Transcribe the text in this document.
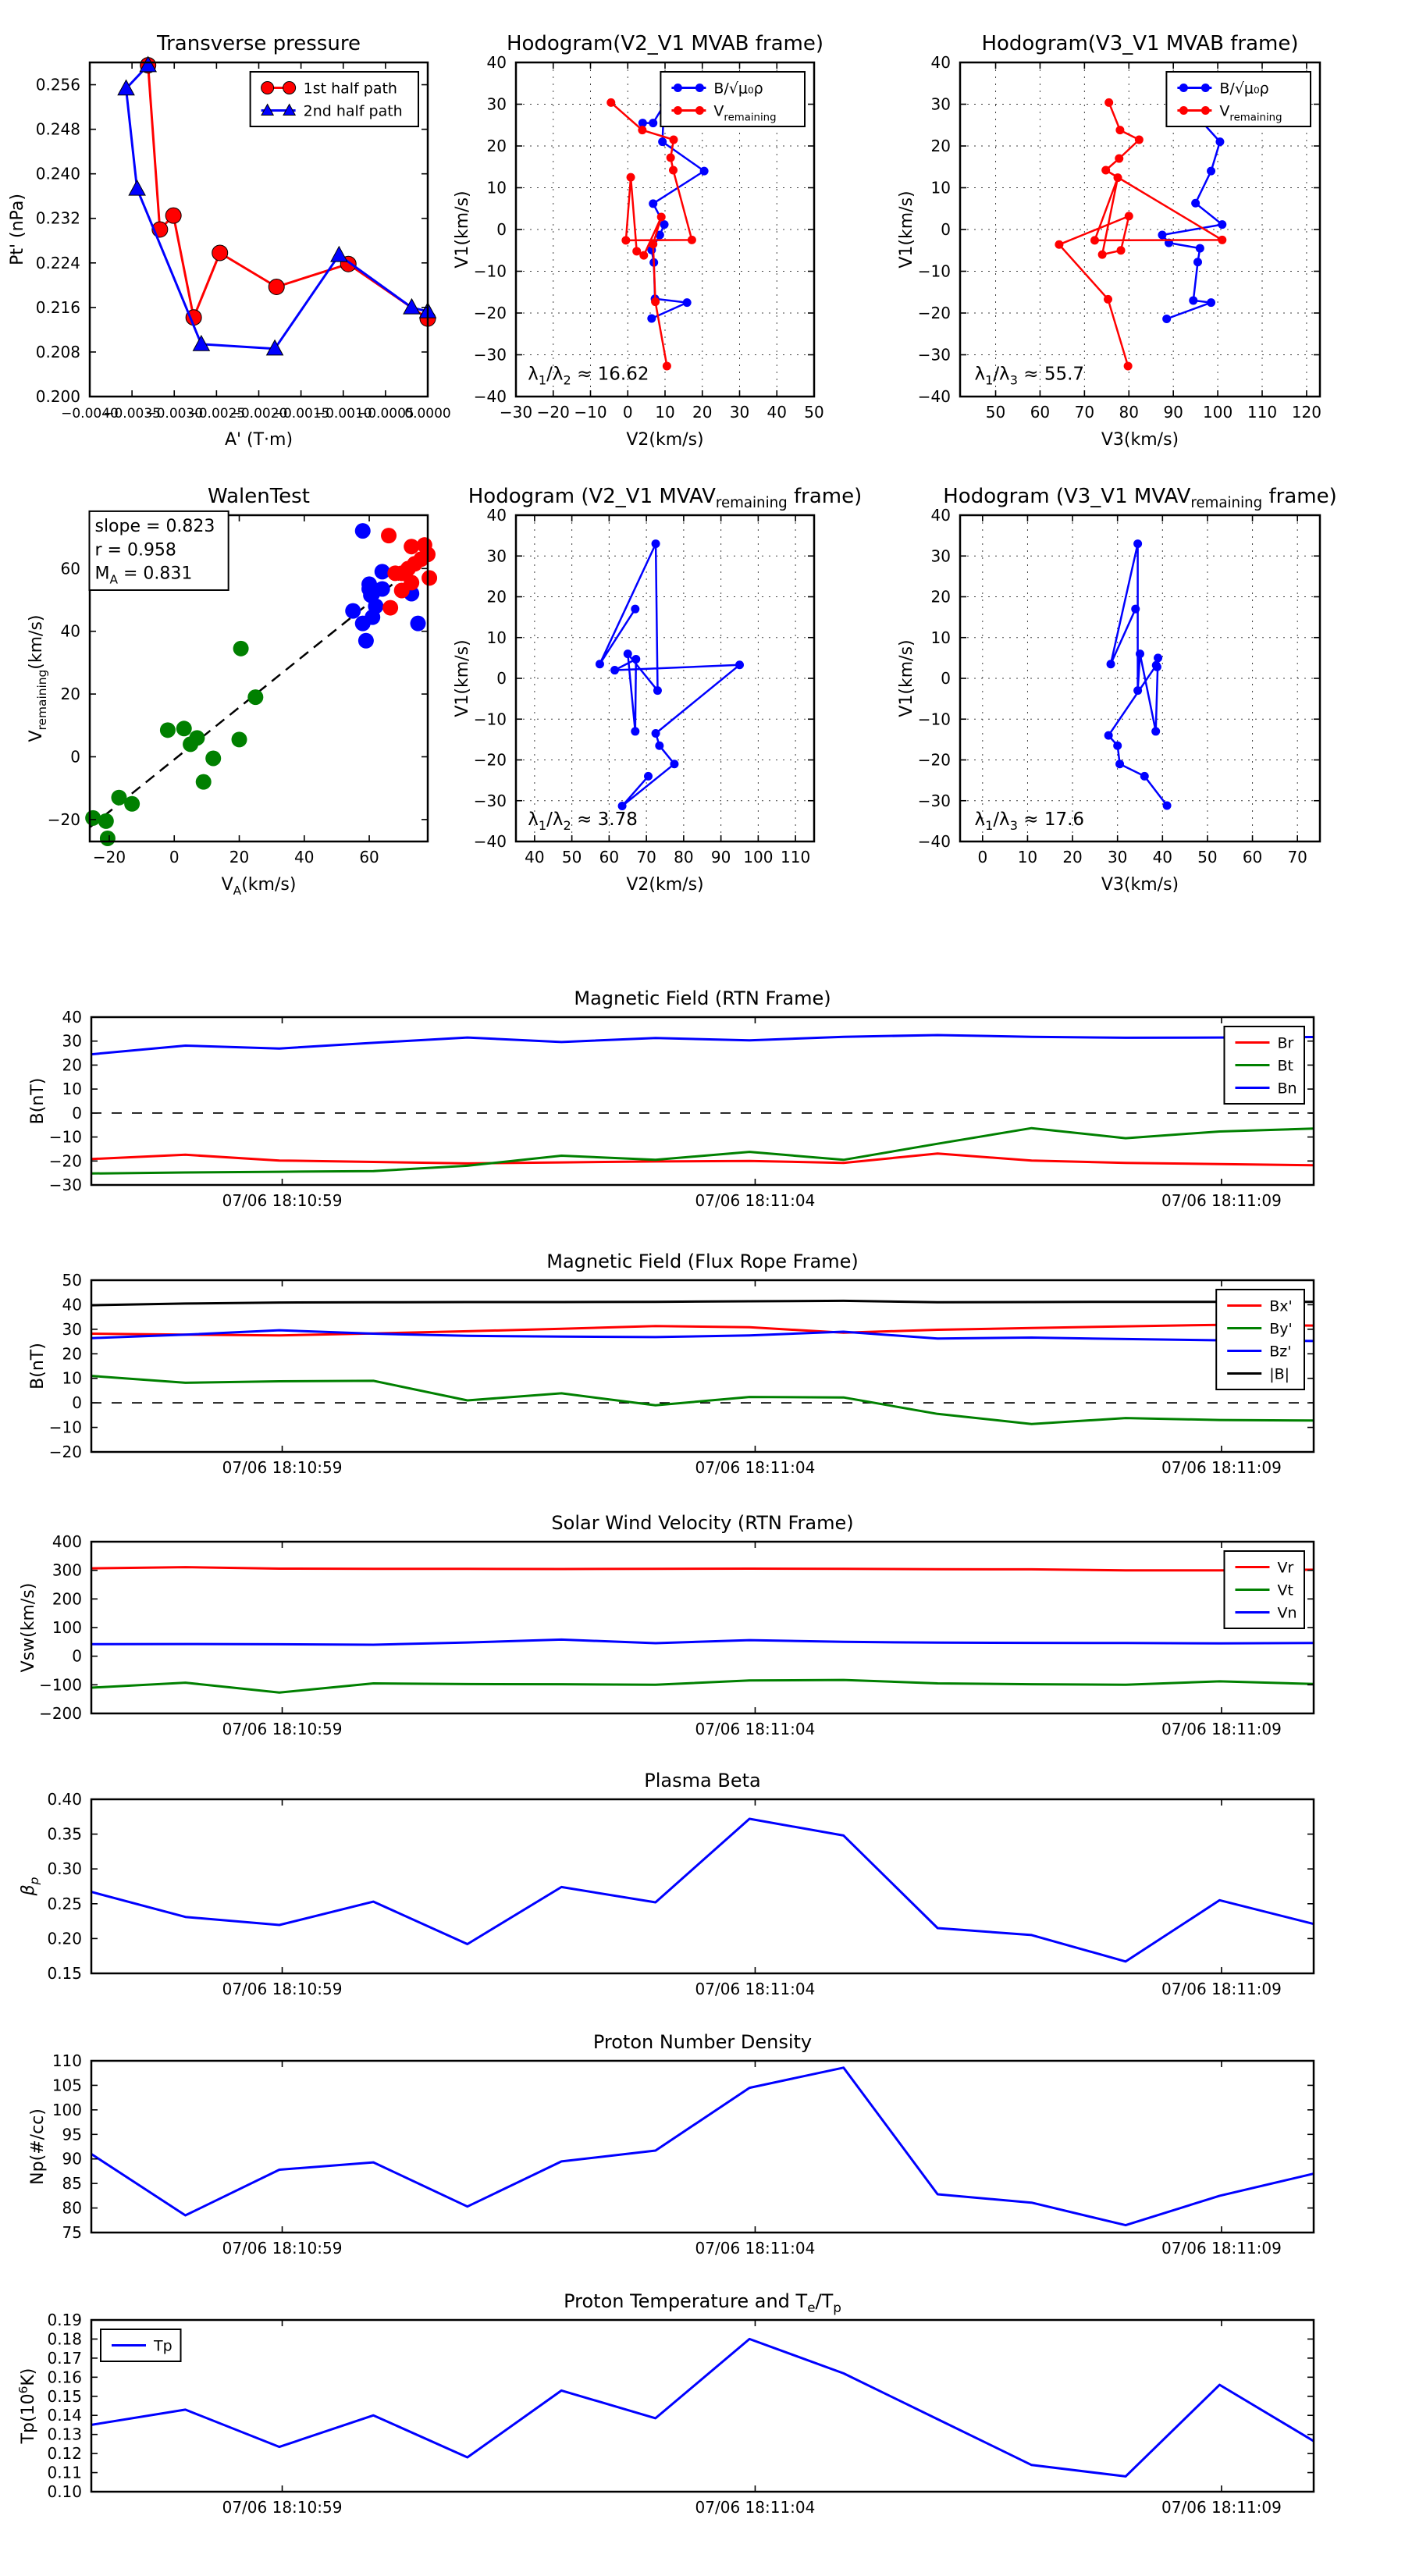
−0.0040
−0.0035
−0.0030
−0.0025
−0.0020
−0.0015
−0.0010
−0.0005
0.0000
0.200
0.208
0.216
0.224
0.232
0.240
0.248
0.256
Transverse pressure
A' (T·m)
Pt' (nPa)
1st half path
2nd half path
−30 −20 −10 0 10 20 30 40 50
−40
−30
−20
−10
0
10
20
30
40
Hodogram(V2_V1 MVAB frame)
V2(km/s)
V1(km/s)
B/√μ₀ρ
$V_{remaining}$
$\lambda_1/\lambda_2 \approx 16.62$
50 60 70 80 90 100 110 120
−40
−30
−20
−10
0
10
20
30
40
Hodogram(V3_V1 MVAB frame)
V3(km/s)
V1(km/s)
B/√μ₀ρ
$V_{remaining}$
$\lambda_1/\lambda_3 \approx 55.7$
−20	0	20	40	60
−20
0
20
40
60
WalenTest
$V_A(km/s)$
$V_{remaining}(km/s)$
slope = 0.823
r = 0.958
$M_A = 0.831$
40 50 60 70 80 90 100 110
−40
−30
−20
−10
0
10
20
30
40
Hodogram (V2_V1 $MVAV_{remaining}$ frame)
V2(km/s)
V1(km/s)
$\lambda_1/\lambda_2 \approx 3.78$
0 10 20 30 40 50 60 70
−40
−30
−20
−10
0
10
20
30
40
Hodogram (V3_V1 $MVAV_{remaining}$ frame)
V3(km/s)
V1(km/s)
$\lambda_1/\lambda_3 \approx 17.6$
07/06 18:10:59	07/06 18:11:04	07/06 18:11:09
−30
−20
−10
0
10
20
30
40
Magnetic Field (RTN Frame)
B(nT)
Br
Bt
Bn
07/06 18:10:59	07/06 18:11:04	07/06 18:11:09
−20
−10
0
10
20
30
40
50
Magnetic Field (Flux Rope Frame)
B(nT)
Bx'
By'
Bz'
|B|
07/06 18:10:59	07/06 18:11:04	07/06 18:11:09
−200
−100
0
100
200
300
400
Solar Wind Velocity (RTN Frame)
Vsw(km/s)
Vr
Vt
Vn
07/06 18:10:59	07/06 18:11:04	07/06 18:11:09
0.15
0.20
0.25
0.30
0.35
0.40
Plasma Beta
$\beta_p$
07/06 18:10:59	07/06 18:11:04	07/06 18:11:09
75
80
85
90
95
100
105
110
Proton Number Density
Np(#/cc)
07/06 18:10:59	07/06 18:11:04	07/06 18:11:09
0.10
0.11
0.12
0.13
0.14
0.15
0.16
0.17
0.18
0.19
Proton Temperature and $T_e/T_p$
$Tp(10^6K)$
Tp
